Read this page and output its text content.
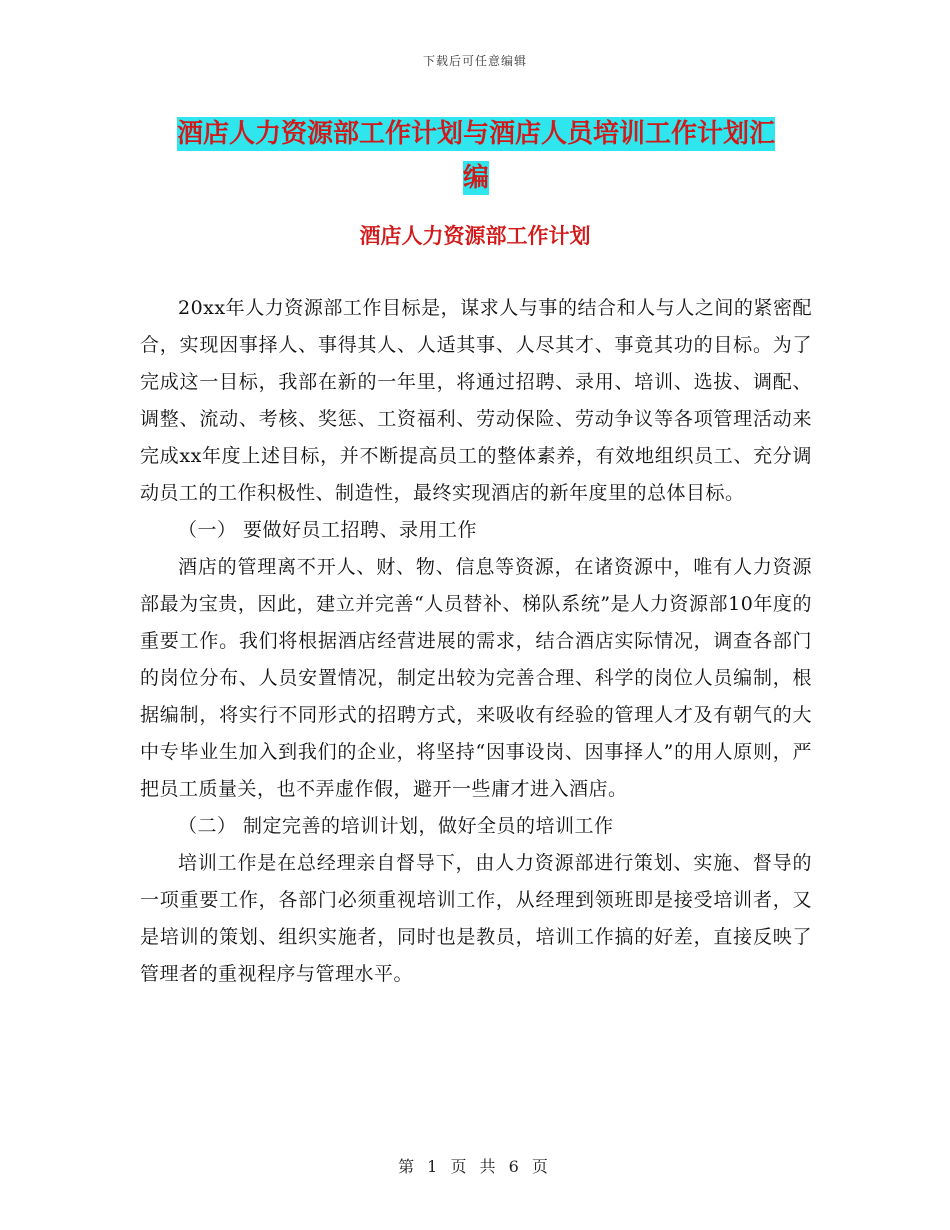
下载后可任意编辑
酒店人力资源部工作计划与酒店人员培训工作计划汇
编
酒店人力资源部工作计划

20xx年人力资源部工作目标是，谋求人与事的结合和人与人之间的紧密配合，实现因事择人、事得其人、人适其事、人尽其才、事竟其功的目标。为了完成这一目标，我部在新的一年里，将通过招聘、录用、培训、选拔、调配、调整、流动、考核、奖惩、工资福利、劳动保险、劳动争议等各项管理活动来完成xx年度上述目标，并不断提高员工的整体素养，有效地组织员工、充分调动员工的工作积极性、制造性，最终实现酒店的新年度里的总体目标。

（一） 要做好员工招聘、录用工作

酒店的管理离不开人、财、物、信息等资源，在诸资源中，唯有人力资源部最为宝贵，因此，建立并完善“人员替补、梯队系统”是人力资源部10年度的重要工作。我们将根据酒店经营进展的需求，结合酒店实际情况，调查各部门的岗位分布、人员安置情况，制定出较为完善合理、科学的岗位人员编制，根据编制，将实行不同形式的招聘方式，来吸收有经验的管理人才及有朝气的大中专毕业生加入到我们的企业，将坚持“因事设岗、因事择人”的用人原则，严把员工质量关，也不弄虚作假，避开一些庸才进入酒店。

（二） 制定完善的培训计划，做好全员的培训工作

培训工作是在总经理亲自督导下，由人力资源部进行策划、实施、督导的一项重要工作，各部门必须重视培训工作，从经理到领班即是接受培训者，又是培训的策划、组织实施者，同时也是教员，培训工作搞的好差，直接反映了管理者的重视程序与管理水平。

第 1 页 共 6 页
